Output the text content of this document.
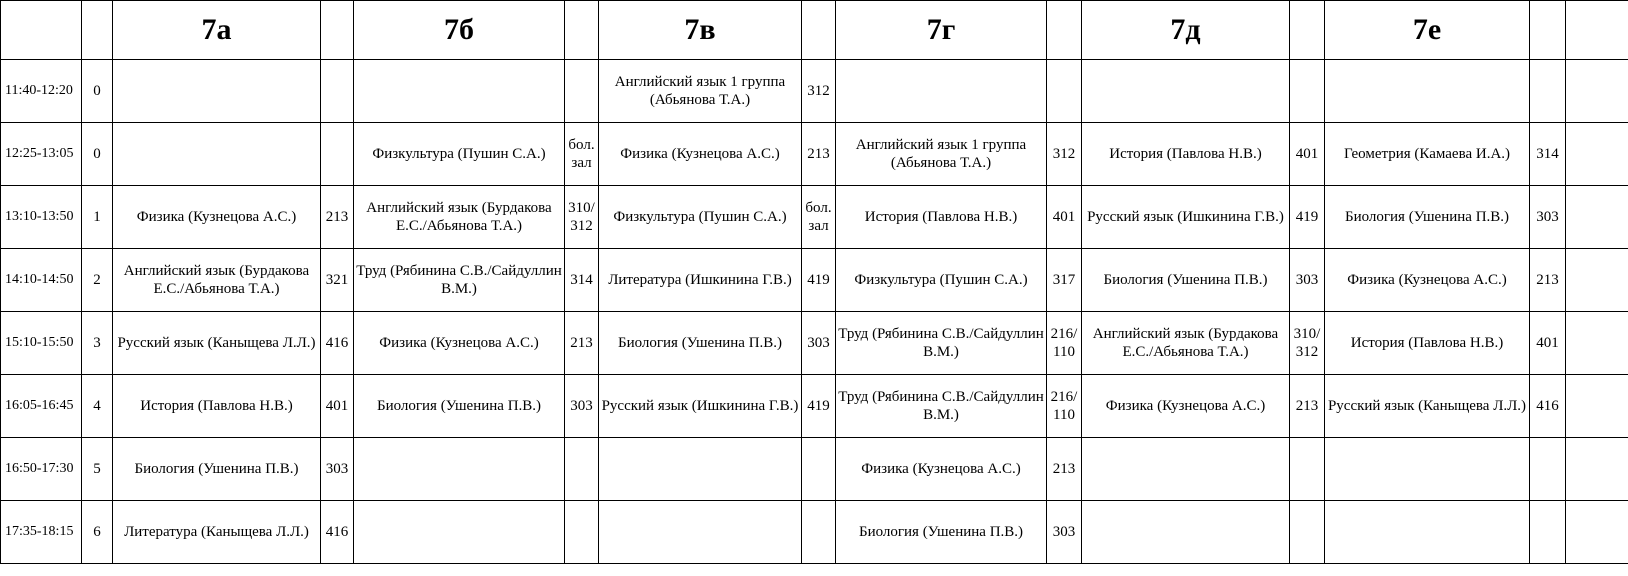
		7а		7б		7в		7г		7д		7е		
11:40-12:20	0					Английский язык 1 группа (Абьянова Т.А.)	312							
12:25-13:05	0			Физкультура (Пушин С.А.)	бол. зал	Физика (Кузнецова А.С.)	213	Английский язык 1 группа (Абьянова Т.А.)	312	История (Павлова Н.В.)	401	Геометрия (Камаева И.А.)	314	
13:10-13:50	1	Физика (Кузнецова А.С.)	213	Английский язык (Бурдакова Е.С./Абьянова Т.А.)	310/ 312	Физкультура (Пушин С.А.)	бол. зал	История (Павлова Н.В.)	401	Русский язык (Ишкинина Г.В.)	419	Биология (Ушенина П.В.)	303	
14:10-14:50	2	Английский язык (Бурдакова Е.С./Абьянова Т.А.)	321	Труд (Рябинина С.В./Сайдуллин В.М.)	314	Литература (Ишкинина Г.В.)	419	Физкультура (Пушин С.А.)	317	Биология (Ушенина П.В.)	303	Физика (Кузнецова А.С.)	213	
15:10-15:50	3	Русский язык (Каныщева Л.Л.)	416	Физика (Кузнецова А.С.)	213	Биология (Ушенина П.В.)	303	Труд (Рябинина С.В./Сайдуллин В.М.)	216/ 110	Английский язык (Бурдакова Е.С./Абьянова Т.А.)	310/ 312	История (Павлова Н.В.)	401	
16:05-16:45	4	История (Павлова Н.В.)	401	Биология (Ушенина П.В.)	303	Русский язык (Ишкинина Г.В.)	419	Труд (Рябинина С.В./Сайдуллин В.М.)	216/ 110	Физика (Кузнецова А.С.)	213	Русский язык (Каныщева Л.Л.)	416	
16:50-17:30	5	Биология (Ушенина П.В.)	303					Физика (Кузнецова А.С.)	213					
17:35-18:15	6	Литература (Каныщева Л.Л.)	416					Биология (Ушенина П.В.)	303					
